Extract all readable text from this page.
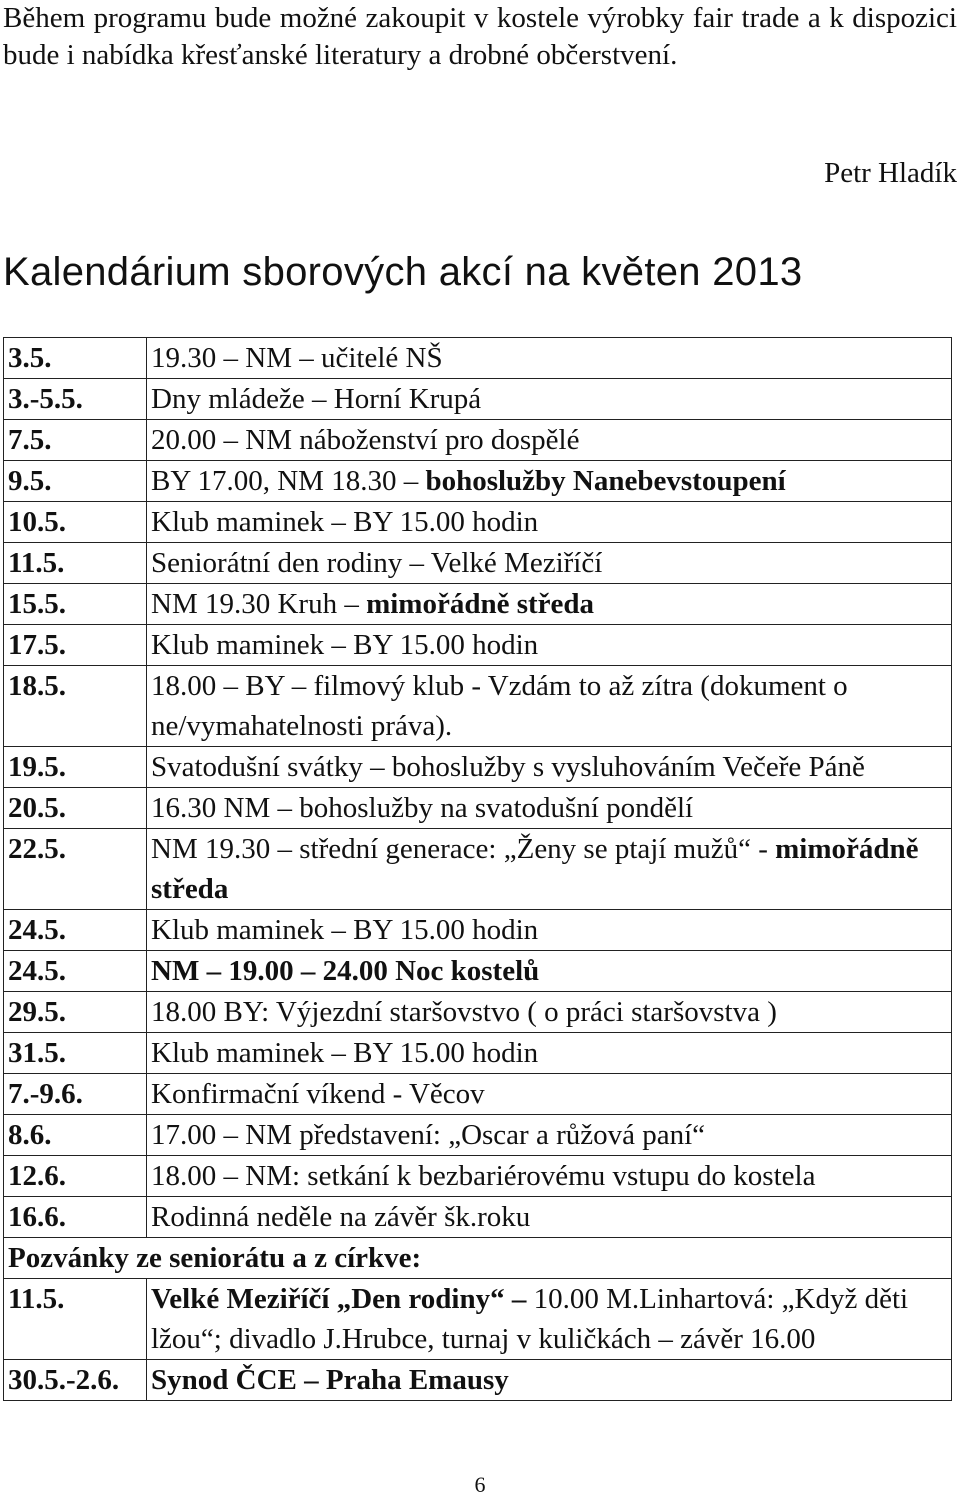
Během programu bude možné zakoupit v kostele výrobky fair trade a k dispozici bude i nabídka křesťanské literatury a drobné občerstvení.
Petr Hladík
Kalendárium sborových akcí na květen 2013
3.5.	19.30 – NM – učitelé NŠ
3.-5.5.	Dny mládeže – Horní Krupá
7.5.	20.00 – NM náboženství pro dospělé
9.5.	BY 17.00, NM 18.30 – bohoslužby Nanebevstoupení
10.5.	Klub maminek – BY 15.00 hodin
11.5.	Seniorátní den rodiny – Velké Meziříčí
15.5.	NM 19.30 Kruh – mimořádně středa
17.5.	Klub maminek – BY 15.00 hodin
18.5.	18.00 – BY – filmový klub - Vzdám to až zítra (dokument o ne/vymahatelnosti práva).
19.5.	Svatodušní svátky – bohoslužby s vysluhováním Večeře Páně
20.5.	16.30 NM – bohoslužby na svatodušní pondělí
22.5.	NM 19.30 – střední generace: „Ženy se ptají mužů“ - mimořádně středa
24.5.	Klub maminek – BY 15.00 hodin
24.5.	NM – 19.00 – 24.00 Noc kostelů
29.5.	18.00 BY: Výjezdní staršovstvo ( o práci staršovstva )
31.5.	Klub maminek – BY 15.00 hodin
7.-9.6.	Konfirmační víkend - Věcov
8.6.	17.00 – NM představení: „Oscar a růžová paní“
12.6.	18.00 – NM: setkání k bezbariérovému vstupu do kostela
16.6.	Rodinná neděle na závěr šk.roku
Pozvánky ze seniorátu a z církve:	
11.5.	Velké Meziříčí „Den rodiny“ – 10.00 M.Linhartová: „Když děti lžou“; divadlo J.Hrubce, turnaj v kuličkách – závěr 16.00
30.5.-2.6.	Synod ČCE – Praha Emausy
6
